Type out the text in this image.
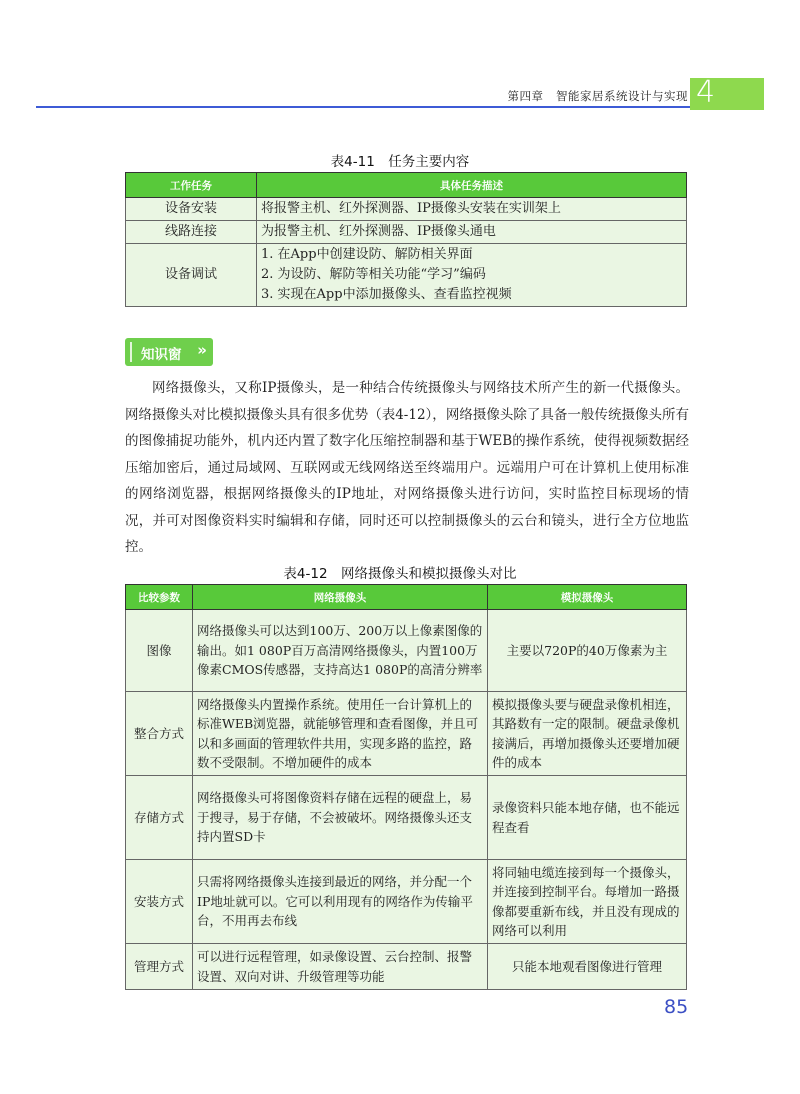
第四章 智能家居系统设计与实现 4
表4-11　任务主要内容
工作任务	具体任务描述
设备安装	将报警主机、红外探测器、IP摄像头安装在实训架上
线路连接	为报警主机、红外探测器、IP摄像头通电
设备调试	1. 在App中创建设防、解防相关界面
2. 为设防、解防等相关功能“学习”编码
3. 实现在App中添加摄像头、查看监控视频
知识窗 »

网络摄像头，又称IP摄像头，是一种结合传统摄像头与网络技术所产生的新一代摄像头。网络摄像头对比模拟摄像头具有很多优势（表4-12），网络摄像头除了具备一般传统摄像头所有的图像捕捉功能外，机内还内置了数字化压缩控制器和基于WEB的操作系统，使得视频数据经压缩加密后，通过局域网、互联网或无线网络送至终端用户。远端用户可在计算机上使用标准的网络浏览器，根据网络摄像头的IP地址，对网络摄像头进行访问，实时监控目标现场的情况，并可对图像资料实时编辑和存储，同时还可以控制摄像头的云台和镜头，进行全方位地监控。

表4-12　网络摄像头和模拟摄像头对比
比较参数	网络摄像头	模拟摄像头
图像	网络摄像头可以达到100万、200万以上像素图像的输出。如1 080P百万高清网络摄像头，内置100万像素CMOS传感器，支持高达1 080P的高清分辨率	主要以720P的40万像素为主
整合方式	网络摄像头内置操作系统。使用任一台计算机上的标准WEB浏览器，就能够管理和查看图像，并且可以和多画面的管理软件共用，实现多路的监控，路数不受限制。不增加硬件的成本	模拟摄像头要与硬盘录像机相连，其路数有一定的限制。硬盘录像机接满后，再增加摄像头还要增加硬件的成本
存储方式	网络摄像头可将图像资料存储在远程的硬盘上，易于搜寻，易于存储，不会被破坏。网络摄像头还支持内置SD卡	录像资料只能本地存储，也不能远程查看
安装方式	只需将网络摄像头连接到最近的网络，并分配一个IP地址就可以。它可以利用现有的网络作为传输平台，不用再去布线	将同轴电缆连接到每一个摄像头，并连接到控制平台。每增加一路摄像都要重新布线，并且没有现成的网络可以利用
管理方式	可以进行远程管理，如录像设置、云台控制、报警设置、双向对讲、升级管理等功能	只能本地观看图像进行管理
85
